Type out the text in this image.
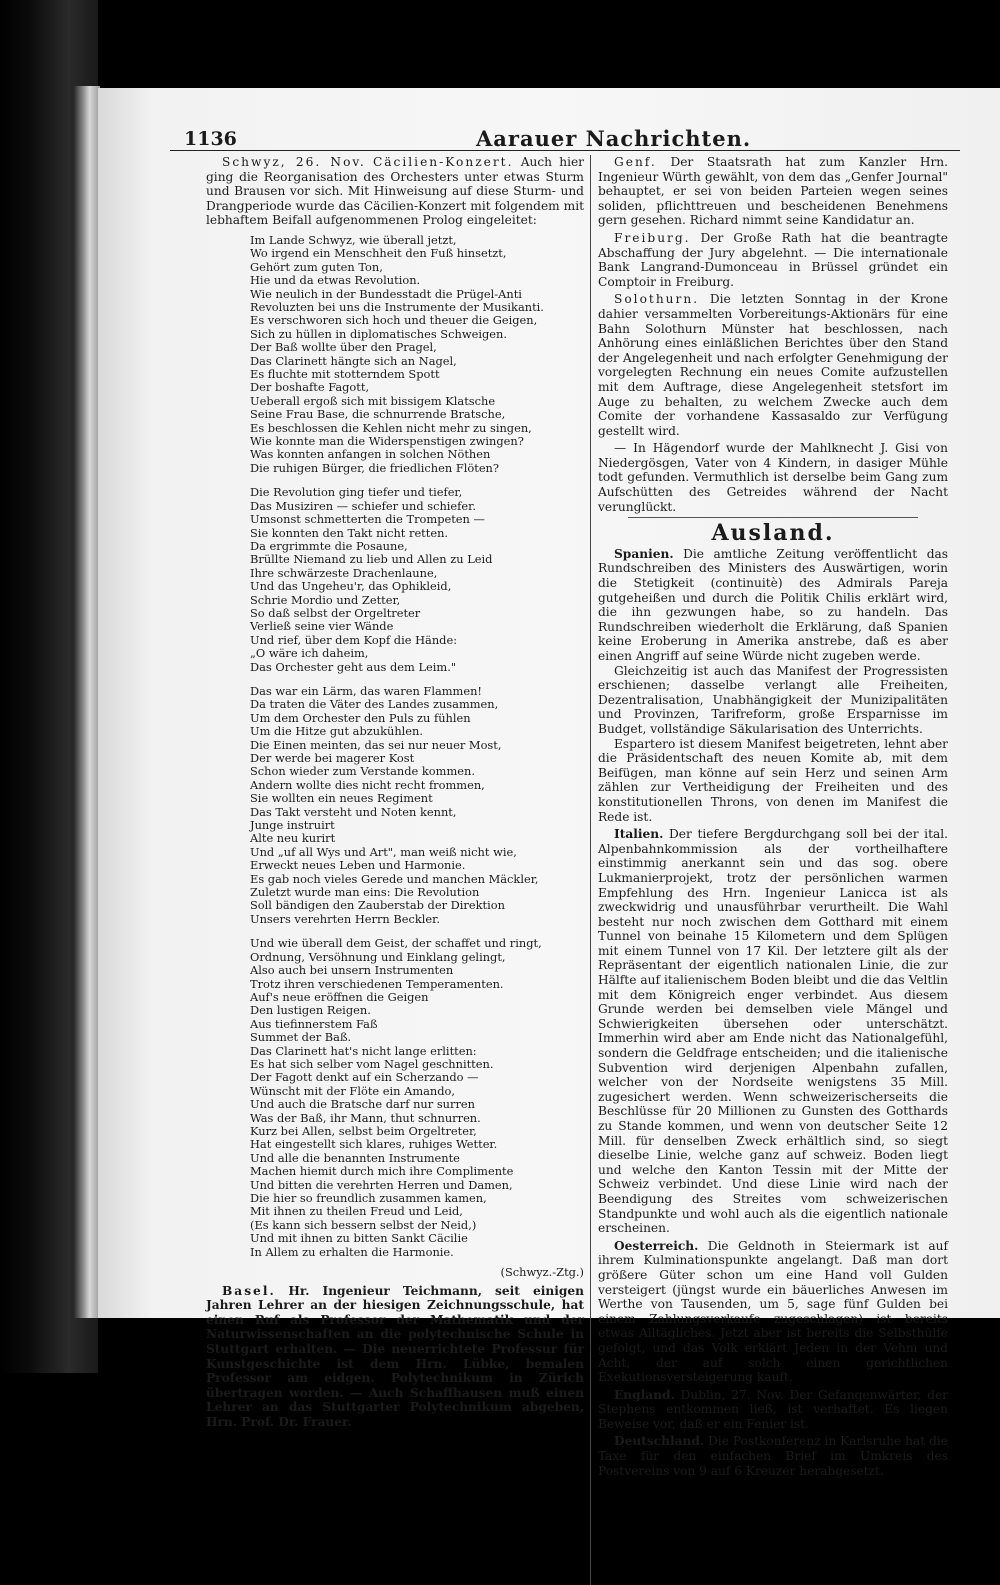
1136	Aarauer Nachrichten.

Schwyz, 26. Nov. Cäcilien-Konzert. Auch hier ging die Reorganisation des Orchesters unter etwas Sturm und Brausen vor sich. Mit Hinweisung auf diese Sturm- und Drangperiode wurde das Cäcilien-Konzert mit folgendem mit lebhaftem Beifall aufgenommenen Prolog eingeleitet:

Im Lande Schwyz, wie überall jetzt,
Wo irgend ein Menschheit den Fuß hinsetzt,
Gehört zum guten Ton,
Hie und da etwas Revolution.
Wie neulich in der Bundesstadt die Prügel-Anti
Revoluzten bei uns die Instrumente der Musikanti.
Es verschworen sich hoch und theuer die Geigen,
Sich zu hüllen in diplomatisches Schweigen.
Der Baß wollte über den Pragel,
Das Clarinett hängte sich an Nagel,
Es fluchte mit stotterndem Spott
Der boshafte Fagott,
Ueberall ergoß sich mit bissigem Klatsche
Seine Frau Base, die schnurrende Bratsche,
Es beschlossen die Kehlen nicht mehr zu singen,
Wie konnte man die Widerspenstigen zwingen?
Was konnten anfangen in solchen Nöthen
Die ruhigen Bürger, die friedlichen Flöten?
Die Revolution ging tiefer und tiefer,
Das Musiziren — schiefer und schiefer.
Umsonst schmetterten die Trompeten —
Sie konnten den Takt nicht retten.
Da ergrimmte die Posaune,
Brüllte Niemand zu lieb und Allen zu Leid
Ihre schwärzeste Drachenlaune,
Und das Ungeheu'r, das Ophikleid,
Schrie Mordio und Zetter,
So daß selbst der Orgeltreter
Verließ seine vier Wände
Und rief, über dem Kopf die Hände:
„O wäre ich daheim,
Das Orchester geht aus dem Leim."
Das war ein Lärm, das waren Flammen!
Da traten die Väter des Landes zusammen,
Um dem Orchester den Puls zu fühlen
Um die Hitze gut abzukühlen.
Die Einen meinten, das sei nur neuer Most,
Der werde bei magerer Kost
Schon wieder zum Verstande kommen.
Andern wollte dies nicht recht frommen,
Sie wollten ein neues Regiment
Das Takt versteht und Noten kennt,
Junge instruirt
Alte neu kurirt
Und „uf all Wys und Art", man weiß nicht wie,
Erweckt neues Leben und Harmonie.
Es gab noch vieles Gerede und manchen Mäckler,
Zuletzt wurde man eins: Die Revolution
Soll bändigen den Zauberstab der Direktion
Unsers verehrten Herrn Beckler.
Und wie überall dem Geist, der schaffet und ringt,
Ordnung, Versöhnung und Einklang gelingt,
Also auch bei unsern Instrumenten
Trotz ihren verschiedenen Temperamenten.
Auf's neue eröffnen die Geigen
Den lustigen Reigen.
Aus tiefinnerstem Faß
Summet der Baß.
Das Clarinett hat's nicht lange erlitten:
Es hat sich selber vom Nagel geschnitten.
Der Fagott denkt auf ein Scherzando —
Wünscht mit der Flöte ein Amando,
Und auch die Bratsche darf nur surren
Was der Baß, ihr Mann, thut schnurren.
Kurz bei Allen, selbst beim Orgeltreter,
Hat eingestellt sich klares, ruhiges Wetter.
Und alle die benannten Instrumente
Machen hiemit durch mich ihre Complimente
Und bitten die verehrten Herren und Damen,
Die hier so freundlich zusammen kamen,
Mit ihnen zu theilen Freud und Leid,
(Es kann sich bessern selbst der Neid,)
Und mit ihnen zu bitten Sankt Cäcilie
In Allem zu erhalten die Harmonie.
(Schwyz.-Ztg.)

Basel. Hr. Ingenieur Teichmann, seit einigen Jahren Lehrer an der hiesigen Zeichnungsschule, hat einen Ruf als Professor der Mathematik und der Naturwissenschaften an die polytechnische Schule in Stuttgart erhalten. — Die neuerrichtete Professur für Kunstgeschichte ist dem Hrn. Lübke, bemalen Professor am eidgen. Polytechnikum in Zürich übertragen worden. — Auch Schaffhausen muß einen Lehrer an das Stuttgarter Polytechnikum abgeben, Hrn. Prof. Dr. Frauer.

Genf. Der Staatsrath hat zum Kanzler Hrn. Ingenieur Würth gewählt, von dem das „Genfer Journal" behauptet, er sei von beiden Parteien wegen seines soliden, pflichttreuen und bescheidenen Benehmens gern gesehen. Richard nimmt seine Kandidatur an.

Freiburg. Der Große Rath hat die beantragte Abschaffung der Jury abgelehnt. — Die internationale Bank Langrand-Dumonceau in Brüssel gründet ein Comptoir in Freiburg.

Solothurn. Die letzten Sonntag in der Krone dahier versammelten Vorbereitungs-Aktionärs für eine Bahn Solothurn Münster hat beschlossen, nach Anhörung eines einläßlichen Berichtes über den Stand der Angelegenheit und nach erfolgter Genehmigung der vorgelegten Rechnung ein neues Comite aufzustellen mit dem Auftrage, diese Angelegenheit stetsfort im Auge zu behalten, zu welchem Zwecke auch dem Comite der vorhandene Kassasaldo zur Verfügung gestellt wird.

— In Hägendorf wurde der Mahlknecht J. Gisi von Niedergösgen, Vater von 4 Kindern, in dasiger Mühle todt gefunden. Vermuthlich ist derselbe beim Gang zum Aufschütten des Getreides während der Nacht verunglückt.

Ausland.

Spanien. Die amtliche Zeitung veröffentlicht das Rundschreiben des Ministers des Auswärtigen, worin die Stetigkeit (continuitè) des Admirals Pareja gutgeheißen und durch die Politik Chilis erklärt wird, die ihn gezwungen habe, so zu handeln. Das Rundschreiben wiederholt die Erklärung, daß Spanien keine Eroberung in Amerika anstrebe, daß es aber einen Angriff auf seine Würde nicht zugeben werde.

Gleichzeitig ist auch das Manifest der Progressisten erschienen; dasselbe verlangt alle Freiheiten, Dezentralisation, Unabhängigkeit der Munizipalitäten und Provinzen, Tarifreform, große Ersparnisse im Budget, vollständige Säkularisation des Unterrichts.

Espartero ist diesem Manifest beigetreten, lehnt aber die Präsidentschaft des neuen Komite ab, mit dem Beifügen, man könne auf sein Herz und seinen Arm zählen zur Vertheidigung der Freiheiten und des konstitutionellen Throns, von denen im Manifest die Rede ist.

Italien. Der tiefere Bergdurchgang soll bei der ital. Alpenbahnkommission als der vortheilhaftere einstimmig anerkannt sein und das sog. obere Lukmanierprojekt, trotz der persönlichen warmen Empfehlung des Hrn. Ingenieur Lanicca ist als zweckwidrig und unausführbar verurtheilt. Die Wahl besteht nur noch zwischen dem Gotthard mit einem Tunnel von beinahe 15 Kilometern und dem Splügen mit einem Tunnel von 17 Kil. Der letztere gilt als der Repräsentant der eigentlich nationalen Linie, die zur Hälfte auf italienischem Boden bleibt und die das Veltlin mit dem Königreich enger verbindet. Aus diesem Grunde werden bei demselben viele Mängel und Schwierigkeiten übersehen oder unterschätzt. Immerhin wird aber am Ende nicht das Nationalgefühl, sondern die Geldfrage entscheiden; und die italienische Subvention wird derjenigen Alpenbahn zufallen, welcher von der Nordseite wenigstens 35 Mill. zugesichert werden. Wenn schweizerischerseits die Beschlüsse für 20 Millionen zu Gunsten des Gotthards zu Stande kommen, und wenn von deutscher Seite 12 Mill. für denselben Zweck erhältlich sind, so siegt dieselbe Linie, welche ganz auf schweiz. Boden liegt und welche den Kanton Tessin mit der Mitte der Schweiz verbindet. Und diese Linie wird nach der Beendigung des Streites vom schweizerischen Standpunkte und wohl auch als die eigentlich nationale erscheinen.

Oesterreich. Die Geldnoth in Steiermark ist auf ihrem Kulminationspunkte angelangt. Daß man dort größere Güter schon um eine Hand voll Gulden versteigert (jüngst wurde ein bäuerliches Anwesen im Werthe von Tausenden, um 5, sage fünf Gulden bei einem Zahlungsverkaufe zugeschlagen) ist bereits etwas Alltägliches. Jetzt aber ist bereits die Selbsthülfe gefolgt, und das Volk erklärt Jeden in der Vehm und Acht, der auf solch einen gerichtlichen Exekutionsversteigerung kauft.

England. Dublin, 27. Nov. Der Gefangenwärter, der Stephens entkommen ließ, ist verhaftet. Es liegen Beweise vor, daß er ein Fenier ist.

Deutschland. Die Postkonferenz in Karlsruhe hat die Taxe für den einfachen Brief im Umkreis des Postvereins von 9 auf 6 Kreuzer herabgesetzt.
